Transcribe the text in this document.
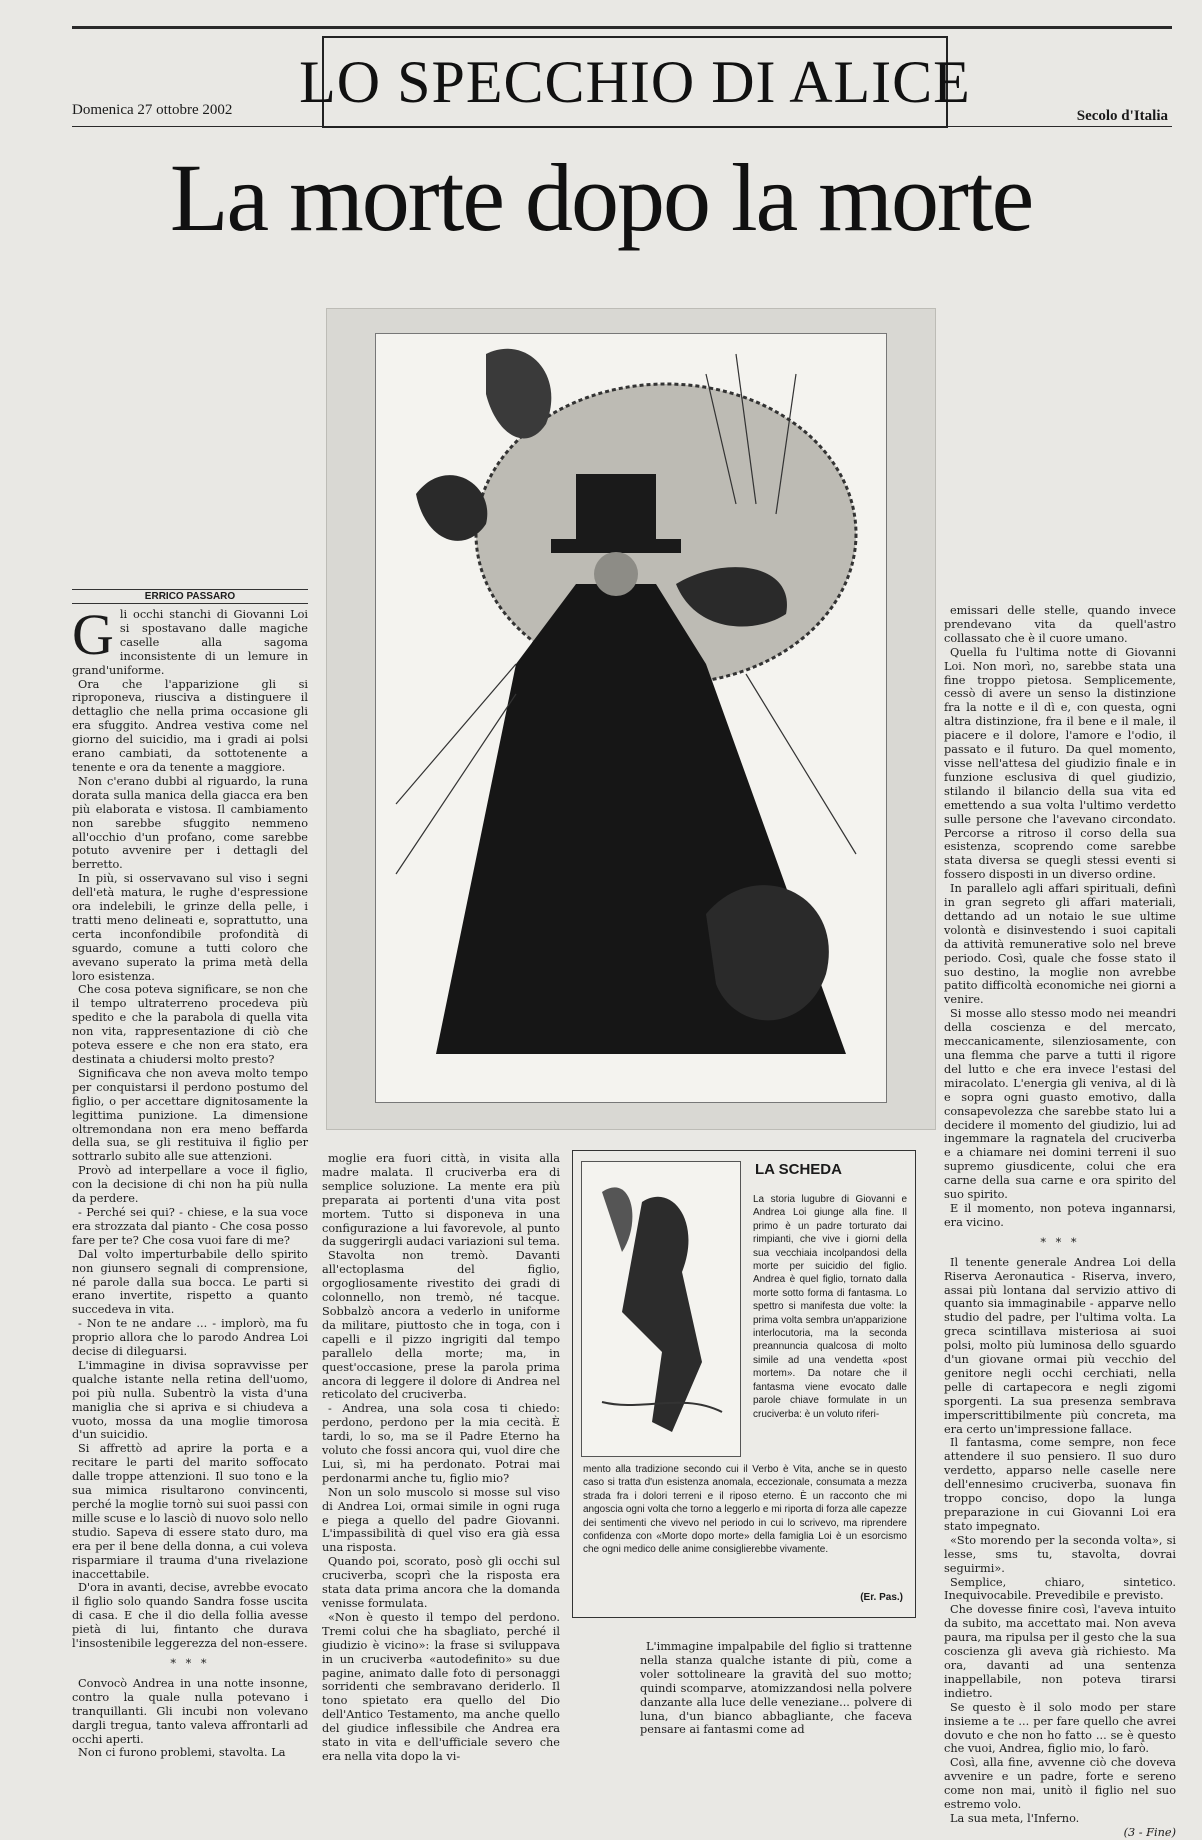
LO SPECCHIO DI ALICE
Domenica 27 ottobre 2002	Secolo d'Italia
La morte dopo la morte
ERRICO PASSARO
G li occhi stanchi di Giovanni Loi si spostavano dalle magiche caselle alla sagoma inconsistente di un lemure in grand'uniforme.

Ora che l'apparizione gli si riproponeva, riusciva a distinguere il dettaglio che nella prima occasione gli era sfuggito. Andrea vestiva come nel giorno del suicidio, ma i gradi ai polsi erano cambiati, da sottotenente a tenente e ora da tenente a maggiore.

Non c'erano dubbi al riguardo, la runa dorata sulla manica della giacca era ben più elaborata e vistosa. Il cambiamento non sarebbe sfuggito nemmeno all'occhio d'un profano, come sarebbe potuto avvenire per i dettagli del berretto.

In più, si osservavano sul viso i segni dell'età matura, le rughe d'espressione ora indelebili, le grinze della pelle, i tratti meno delineati e, soprattutto, una certa inconfondibile profondità di sguardo, comune a tutti coloro che avevano superato la prima metà della loro esistenza.

Che cosa poteva significare, se non che il tempo ultraterreno procedeva più spedito e che la parabola di quella vita non vita, rappresentazione di ciò che poteva essere e che non era stato, era destinata a chiudersi molto presto?

Significava che non aveva molto tempo per conquistarsi il perdono postumo del figlio, o per accettare dignitosamente la legittima punizione. La dimensione oltremondana non era meno beffarda della sua, se gli restituiva il figlio per sottrarlo subito alle sue attenzioni.

Provò ad interpellare a voce il figlio, con la decisione di chi non ha più nulla da perdere.

- Perché sei qui? - chiese, e la sua voce era strozzata dal pianto - Che cosa posso fare per te? Che cosa vuoi fare di me?

Dal volto imperturbabile dello spirito non giunsero segnali di comprensione, né parole dalla sua bocca. Le parti si erano invertite, rispetto a quanto succedeva in vita.

- Non te ne andare ... - implorò, ma fu proprio allora che lo parodo Andrea Loi decise di dileguarsi.

L'immagine in divisa sopravvisse per qualche istante nella retina dell'uomo, poi più nulla. Subentrò la vista d'una maniglia che si apriva e si chiudeva a vuoto, mossa da una moglie timorosa d'un suicidio.

Si affrettò ad aprire la porta e a recitare le parti del marito soffocato dalle troppe attenzioni. Il suo tono e la sua mimica risultarono convincenti, perché la moglie tornò sui suoi passi con mille scuse e lo lasciò di nuovo solo nello studio. Sapeva di essere stato duro, ma era per il bene della donna, a cui voleva risparmiare il trauma d'una rivelazione inaccettabile.

D'ora in avanti, decise, avrebbe evocato il figlio solo quando Sandra fosse uscita di casa. E che il dio della follia avesse pietà di lui, fintanto che durava l'insostenibile leggerezza del non-essere.

* * *

Convocò Andrea in una notte insonne, contro la quale nulla potevano i tranquillanti. Gli incubi non volevano dargli tregua, tanto valeva affrontarli ad occhi aperti.

Non ci furono problemi, stavolta. La

moglie era fuori città, in visita alla madre malata. Il cruciverba era di semplice soluzione. La mente era più preparata ai portenti d'una vita post mortem. Tutto si disponeva in una configurazione a lui favorevole, al punto da suggerirgli audaci variazioni sul tema.

Stavolta non tremò. Davanti all'ectoplasma del figlio, orgogliosamente rivestito dei gradi di colonnello, non tremò, né tacque. Sobbalzò ancora a vederlo in uniforme da militare, piuttosto che in toga, con i capelli e il pizzo ingrigiti dal tempo parallelo della morte; ma, in quest'occasione, prese la parola prima ancora di leggere il dolore di Andrea nel reticolato del cruciverba.

- Andrea, una sola cosa ti chiedo: perdono, perdono per la mia cecità. È tardi, lo so, ma se il Padre Eterno ha voluto che fossi ancora qui, vuol dire che Lui, sì, mi ha perdonato. Potrai mai perdonarmi anche tu, figlio mio?

Non un solo muscolo si mosse sul viso di Andrea Loi, ormai simile in ogni ruga e piega a quello del padre Giovanni. L'impassibilità di quel viso era già essa una risposta.

Quando poi, scorato, posò gli occhi sul cruciverba, scoprì che la risposta era stata data prima ancora che la domanda venisse formulata.

«Non è questo il tempo del perdono. Tremi colui che ha sbagliato, perché il giudizio è vicino»: la frase si sviluppava in un cruciverba «autodefinito» su due pagine, animato dalle foto di personaggi sorridenti che sembravano deriderlo. Il tono spietato era quello del Dio dell'Antico Testamento, ma anche quello del giudice inflessibile che Andrea era stato in vita e dell'ufficiale severo che era nella vita dopo la vi-

La storia lugubre di Giovanni e Andrea Loi giunge alla fine. Il primo è un padre torturato dai rimpianti, che vive i giorni della sua vecchiaia incolpandosi della morte per suicidio del figlio. Andrea è quel figlio, tornato dalla morte sotto forma di fantasma. Lo spettro si manifesta due volte: la prima volta sembra un'apparizione interlocutoria, ma la seconda preannuncia qualcosa di molto simile ad una vendetta «post mortem». Da notare che il fantasma viene evocato dalle parole chiave formulate in un cruciverba: è un voluto riferi-
mento alla tradizione secondo cui il Verbo è Vita, anche se in questo caso si tratta d'un esistenza anomala, eccezionale, consumata a mezza strada fra i dolori terreni e il riposo eterno. È un racconto che mi angoscia ogni volta che torno a leggerlo e mi riporta di forza alle capezze dei sentimenti che vivevo nel periodo in cui lo scrivevo, ma riprendere confidenza con «Morte dopo morte» della famiglia Loi è un esorcismo che ogni medico delle anime consiglierebbe vivamente.
(Er. Pas.)
LA SCHEDA

L'immagine impalpabile del figlio si trattenne nella stanza qualche istante di più, come a voler sottolineare la gravità del suo motto; quindi scomparve, atomizzandosi nella polvere danzante alla luce delle veneziane... polvere di luna, d'un bianco abbagliante, che faceva pensare ai fantasmi come ad

emissari delle stelle, quando invece prendevano vita da quell'astro collassato che è il cuore umano.

Quella fu l'ultima notte di Giovanni Loi. Non morì, no, sarebbe stata una fine troppo pietosa. Semplicemente, cessò di avere un senso la distinzione fra la notte e il dì e, con questa, ogni altra distinzione, fra il bene e il male, il piacere e il dolore, l'amore e l'odio, il passato e il futuro. Da quel momento, visse nell'attesa del giudizio finale e in funzione esclusiva di quel giudizio, stilando il bilancio della sua vita ed emettendo a sua volta l'ultimo verdetto sulle persone che l'avevano circondato. Percorse a ritroso il corso della sua esistenza, scoprendo come sarebbe stata diversa se quegli stessi eventi si fossero disposti in un diverso ordine.

In parallelo agli affari spirituali, definì in gran segreto gli affari materiali, dettando ad un notaio le sue ultime volontà e disinvestendo i suoi capitali da attività remunerative solo nel breve periodo. Così, quale che fosse stato il suo destino, la moglie non avrebbe patito difficoltà economiche nei giorni a venire.

Si mosse allo stesso modo nei meandri della coscienza e del mercato, meccanicamente, silenziosamente, con una flemma che parve a tutti il rigore del lutto e che era invece l'estasi del miracolato. L'energia gli veniva, al di là e sopra ogni guasto emotivo, dalla consapevolezza che sarebbe stato lui a decidere il momento del giudizio, lui ad ingemmare la ragnatela del cruciverba e a chiamare nei domini terreni il suo supremo giusdicente, colui che era carne della sua carne e ora spirito del suo spirito.

E il momento, non poteva ingannarsi, era vicino.

* * *

Il tenente generale Andrea Loi della Riserva Aeronautica - Riserva, invero, assai più lontana dal servizio attivo di quanto sia immaginabile - apparve nello studio del padre, per l'ultima volta. La greca scintillava misteriosa ai suoi polsi, molto più luminosa dello sguardo d'un giovane ormai più vecchio del genitore negli occhi cerchiati, nella pelle di cartapecora e negli zigomi sporgenti. La sua presenza sembrava imperscrittibilmente più concreta, ma era certo un'impressione fallace.

Il fantasma, come sempre, non fece attendere il suo pensiero. Il suo duro verdetto, apparso nelle caselle nere dell'ennesimo cruciverba, suonava fin troppo conciso, dopo la lunga preparazione in cui Giovanni Loi era stato impegnato.

«Sto morendo per la seconda volta», si lesse, sms tu, stavolta, dovrai seguirmi».

Semplice, chiaro, sintetico. Inequivocabile. Prevedibile e previsto.

Che dovesse finire così, l'aveva intuito da subito, ma accettato mai. Non aveva paura, ma ripulsa per il gesto che la sua coscienza gli aveva già richiesto. Ma ora, davanti ad una sentenza inappellabile, non poteva tirarsi indietro.

Se questo è il solo modo per stare insieme a te ... per fare quello che avrei dovuto e che non ho fatto ... se è questo che vuoi, Andrea, figlio mio, lo farò.

Così, alla fine, avvenne ciò che doveva avvenire e un padre, forte e sereno come non mai, unitò il figlio nel suo estremo volo.

La sua meta, l'Inferno.

(3 - Fine)
